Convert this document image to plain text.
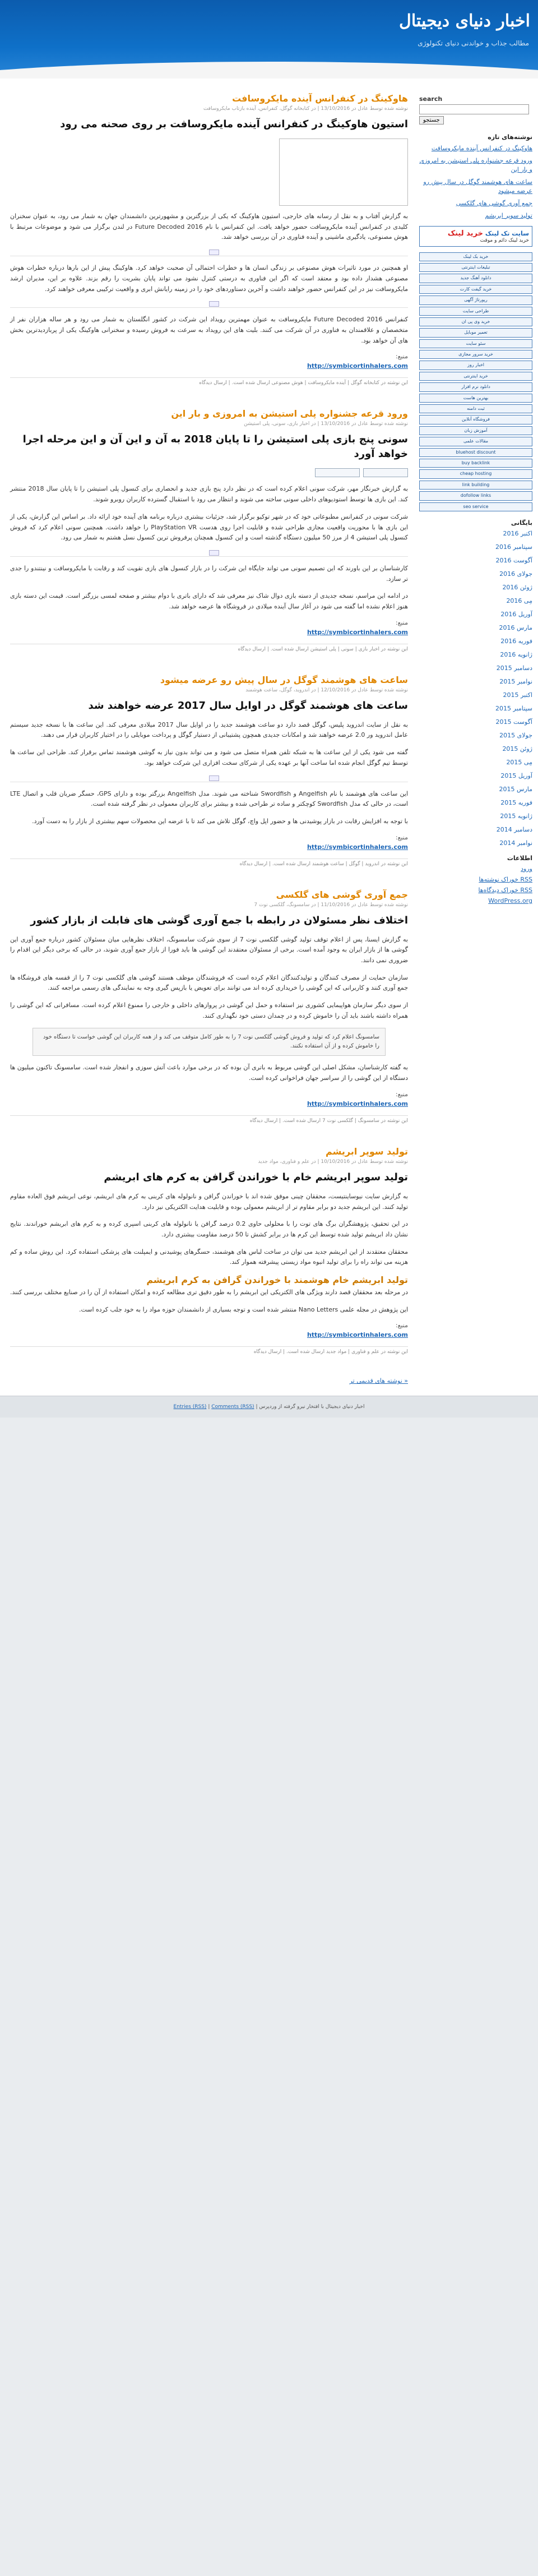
اخبار دنیای دیجیتال
مطالب جذاب و خواندنی دنیای تکنولوژی
search
جستجو
نوشته‌های تازه
هاوکینگ در کنفرانس آینده مایکروسافت
ورود قرعه جشنواره پلی استیشن به امروزی و بار این
ساعت های هوشمند گوگل در سال پیش رو عرضه میشود
جمع آوری گوشی های گلکسی
تولید سوپر ابریشم
سایت تک لینک خرید لینک
خرید لینک دائم و موقت
خرید بک لینک
تبلیغات اینترنتی
دانلود آهنگ جدید
خرید گیفت کارت
رپورتاژ آگهی
طراحی سایت
خرید وی پی ان
تعمیر موبایل
سئو سایت
خرید سرور مجازی
اخبار روز
خرید اینترنتی
دانلود نرم افزار
بهترین هاست
ثبت دامنه
فروشگاه آنلاین
آموزش زبان
مقالات علمی
bluehost discount
buy backlink
cheap hosting
link building
dofollow links
seo service
بایگانی
اکتبر 2016
سپتامبر 2016
آگوست 2016
جولای 2016
ژوئن 2016
مِی 2016
آوریل 2016
مارس 2016
فوریه 2016
ژانویه 2016
دسامبر 2015
نوامبر 2015
اکتبر 2015
سپتامبر 2015
آگوست 2015
جولای 2015
ژوئن 2015
مِی 2015
آوریل 2015
مارس 2015
فوریه 2015
ژانویه 2015
دسامبر 2014
نوامبر 2014
اطلاعات
ورود
RSS خوراک نوشته‌ها
RSS خوراک دیدگاه‌ها
WordPress.org
هاوکینگ در کنفرانس آینده مایکروسافت
نوشته شده توسط عادل در 13/10/2016 | در کتابخانه گوگل، کنفرانس، آینده بازتاب مایکروسافت
استیون هاوکینگ در کنفرانس آینده مایکروسافت بر روی صحنه می رود

به گزارش آفتاب و به نقل از رسانه های خارجی، استیون هاوکینگ که یکی از بزرگترین و مشهورترین دانشمندان جهان به شمار می رود، به عنوان سخنران کلیدی در کنفرانس آینده مایکروسافت حضور خواهد یافت. این کنفرانس با نام Future Decoded 2016 در لندن برگزار می شود و موضوعات مرتبط با هوش مصنوعی، یادگیری ماشینی و آینده فناوری در آن بررسی خواهد شد.

او همچنین در مورد تاثیرات هوش مصنوعی بر زندگی انسان ها و خطرات احتمالی آن صحبت خواهد کرد. هاوکینگ پیش از این بارها درباره خطرات هوش مصنوعی هشدار داده بود و معتقد است که اگر این فناوری به درستی کنترل نشود می تواند پایان بشریت را رقم بزند. علاوه بر این، مدیران ارشد مایکروسافت نیز در این کنفرانس حضور خواهند داشت و آخرین دستاوردهای خود را در زمینه رایانش ابری و واقعیت ترکیبی معرفی خواهند کرد.

کنفرانس Future Decoded 2016 مایکروسافت به عنوان مهمترین رویداد این شرکت در کشور انگلستان به شمار می رود و هر ساله هزاران نفر از متخصصان و علاقمندان به فناوری در آن شرکت می کنند. بلیت های این رویداد به سرعت به فروش رسیده و سخنرانی هاوکینگ یکی از پربازدیدترین بخش های آن خواهد بود.

منبع:
http://symbicortinhalers.com
این نوشته در کتابخانه گوگل | آینده مایکروسافت | هوش مصنوعی ارسال شده است. | ارسال دیدگاه
ورود قرعه جشنواره پلی استیشن به امروزی و بار این
نوشته شده توسط عادل در 13/10/2016 | در اخبار بازی، سونی، پلی استیشن
سونی پنج بازی پلی استیشن را تا پایان 2018 به آن و این آن و این مرحله اجرا خواهد آورد

به گزارش خبرنگار مهر، شرکت سونی اعلام کرده است که در نظر دارد پنج بازی جدید و انحصاری برای کنسول پلی استیشن را تا پایان سال 2018 منتشر کند. این بازی ها توسط استودیوهای داخلی سونی ساخته می شوند و انتظار می رود با استقبال گسترده کاربران روبرو شوند.

شرکت سونی در کنفرانس مطبوعاتی خود که در شهر توکیو برگزار شد، جزئیات بیشتری درباره برنامه های آینده خود ارائه داد. بر اساس این گزارش، یکی از این بازی ها با محوریت واقعیت مجازی طراحی شده و قابلیت اجرا روی هدست PlayStation VR را خواهد داشت. همچنین سونی اعلام کرد که فروش کنسول پلی استیشن 4 از مرز 50 میلیون دستگاه گذشته است و این کنسول همچنان پرفروش ترین کنسول نسل هشتم به شمار می رود.

کارشناسان بر این باورند که این تصمیم سونی می تواند جایگاه این شرکت را در بازار کنسول های بازی تقویت کند و رقابت با مایکروسافت و نینتندو را جدی تر سازد.

در ادامه این مراسم، نسخه جدیدی از دسته بازی دوال شاک نیز معرفی شد که دارای باتری با دوام بیشتر و صفحه لمسی بزرگتر است. قیمت این دسته بازی هنوز اعلام نشده اما گفته می شود در آغاز سال آینده میلادی در فروشگاه ها عرضه خواهد شد.

منبع:
http://symbicortinhalers.com
این نوشته در اخبار بازی | سونی | پلی استیشن ارسال شده است. | ارسال دیدگاه
ساعت های هوشمند گوگل در سال پیش رو عرضه میشود
نوشته شده توسط عادل در 12/10/2016 | در اندروید، گوگل، ساعت هوشمند
ساعت های هوشمند گوگل در اوایل سال 2017 عرضه خواهند شد

به نقل از سایت اندروید پلیس، گوگل قصد دارد دو ساعت هوشمند جدید را در اوایل سال 2017 میلادی معرفی کند. این ساعت ها با نسخه جدید سیستم عامل اندروید ور 2.0 عرضه خواهند شد و امکانات جدیدی همچون پشتیبانی از دستیار گوگل و پرداخت موبایلی را در اختیار کاربران قرار می دهند.

گفته می شود یکی از این ساعت ها به شبکه تلفن همراه متصل می شود و می تواند بدون نیاز به گوشی هوشمند تماس برقرار کند. طراحی این ساعت ها توسط تیم گوگل انجام شده اما ساخت آنها بر عهده یکی از شرکای سخت افزاری این شرکت خواهد بود.

این ساعت های هوشمند با نام Angelfish و Swordfish شناخته می شوند. مدل Angelfish بزرگتر بوده و دارای GPS، حسگر ضربان قلب و اتصال LTE است، در حالی که مدل Swordfish کوچکتر و ساده تر طراحی شده و بیشتر برای کاربران معمولی در نظر گرفته شده است.

با توجه به افزایش رقابت در بازار پوشیدنی ها و حضور اپل واچ، گوگل تلاش می کند تا با عرضه این محصولات سهم بیشتری از بازار را به دست آورد.

منبع:
http://symbicortinhalers.com
این نوشته در اندروید | گوگل | ساعت هوشمند ارسال شده است. | ارسال دیدگاه
جمع آوری گوشی های گلکسی
نوشته شده توسط عادل در 11/10/2016 | در سامسونگ، گلکسی نوت 7
اختلاف نظر مسئولان در رابطه با جمع آوری گوشی های فابلت از بازار کشور

به گزارش ایسنا، پس از اعلام توقف تولید گوشی گلکسی نوت 7 از سوی شرکت سامسونگ، اختلاف نظرهایی میان مسئولان کشور درباره جمع آوری این گوشی ها از بازار ایران به وجود آمده است. برخی از مسئولان معتقدند این گوشی ها باید فورا از بازار جمع آوری شوند، در حالی که برخی دیگر این اقدام را ضروری نمی دانند.

سازمان حمایت از مصرف کنندگان و تولیدکنندگان اعلام کرده است که فروشندگان موظف هستند گوشی های گلکسی نوت 7 را از قفسه های فروشگاه ها جمع آوری کنند و کاربرانی که این گوشی را خریداری کرده اند می توانند برای تعویض یا بازپس گیری وجه به نمایندگی های رسمی مراجعه کنند.

از سوی دیگر سازمان هواپیمایی کشوری نیز استفاده و حمل این گوشی در پروازهای داخلی و خارجی را ممنوع اعلام کرده است. مسافرانی که این گوشی را همراه داشته باشند باید آن را خاموش کرده و در چمدان دستی خود نگهداری کنند.

سامسونگ اعلام کرد که تولید و فروش گوشی گلکسی نوت 7 را به طور کامل متوقف می کند و از همه کاربران این گوشی خواست تا دستگاه خود را خاموش کرده و از آن استفاده نکنند.

به گفته کارشناسان، مشکل اصلی این گوشی مربوط به باتری آن بوده که در برخی موارد باعث آتش سوزی و انفجار شده است. سامسونگ تاکنون میلیون ها دستگاه از این گوشی را از سراسر جهان فراخوانی کرده است.

منبع:
http://symbicortinhalers.com
این نوشته در سامسونگ | گلکسی نوت 7 ارسال شده است. | ارسال دیدگاه
تولید سوپر ابریشم
نوشته شده توسط عادل در 10/10/2016 | در علم و فناوری، مواد جدید
تولید سوپر ابریشم خام با خوراندن گرافن به کرم های ابریشم

به گزارش سایت نیوساینتیست، محققان چینی موفق شده اند با خوراندن گرافن و نانولوله های کربنی به کرم های ابریشم، نوعی ابریشم فوق العاده مقاوم تولید کنند. این ابریشم جدید دو برابر مقاوم تر از ابریشم معمولی بوده و قابلیت هدایت الکتریکی نیز دارد.

در این تحقیق، پژوهشگران برگ های توت را با محلولی حاوی 0.2 درصد گرافن یا نانولوله های کربنی اسپری کرده و به کرم های ابریشم خوراندند. نتایج نشان داد ابریشم تولید شده توسط این کرم ها در برابر کشش تا 50 درصد مقاومت بیشتری دارد.

محققان معتقدند از این ابریشم جدید می توان در ساخت لباس های هوشمند، حسگرهای پوشیدنی و ایمپلنت های پزشکی استفاده کرد. این روش ساده و کم هزینه می تواند راه را برای تولید انبوه مواد زیستی پیشرفته هموار کند.

تولید ابریشم خام هوشمند با خوراندن گرافن به کرم ابریشم

در مرحله بعد محققان قصد دارند ویژگی های الکتریکی این ابریشم را به طور دقیق تری مطالعه کرده و امکان استفاده از آن را در صنایع مختلف بررسی کنند.

این پژوهش در مجله علمی Nano Letters منتشر شده است و توجه بسیاری از دانشمندان حوزه مواد را به خود جلب کرده است.

منبع:
http://symbicortinhalers.com
این نوشته در علم و فناوری | مواد جدید ارسال شده است. | ارسال دیدگاه
« نوشته های قدیمی تر
اخبار دنیای دیجیتال با افتخار نیرو گرفته از وردپرس | Entries (RSS) | Comments (RSS)
